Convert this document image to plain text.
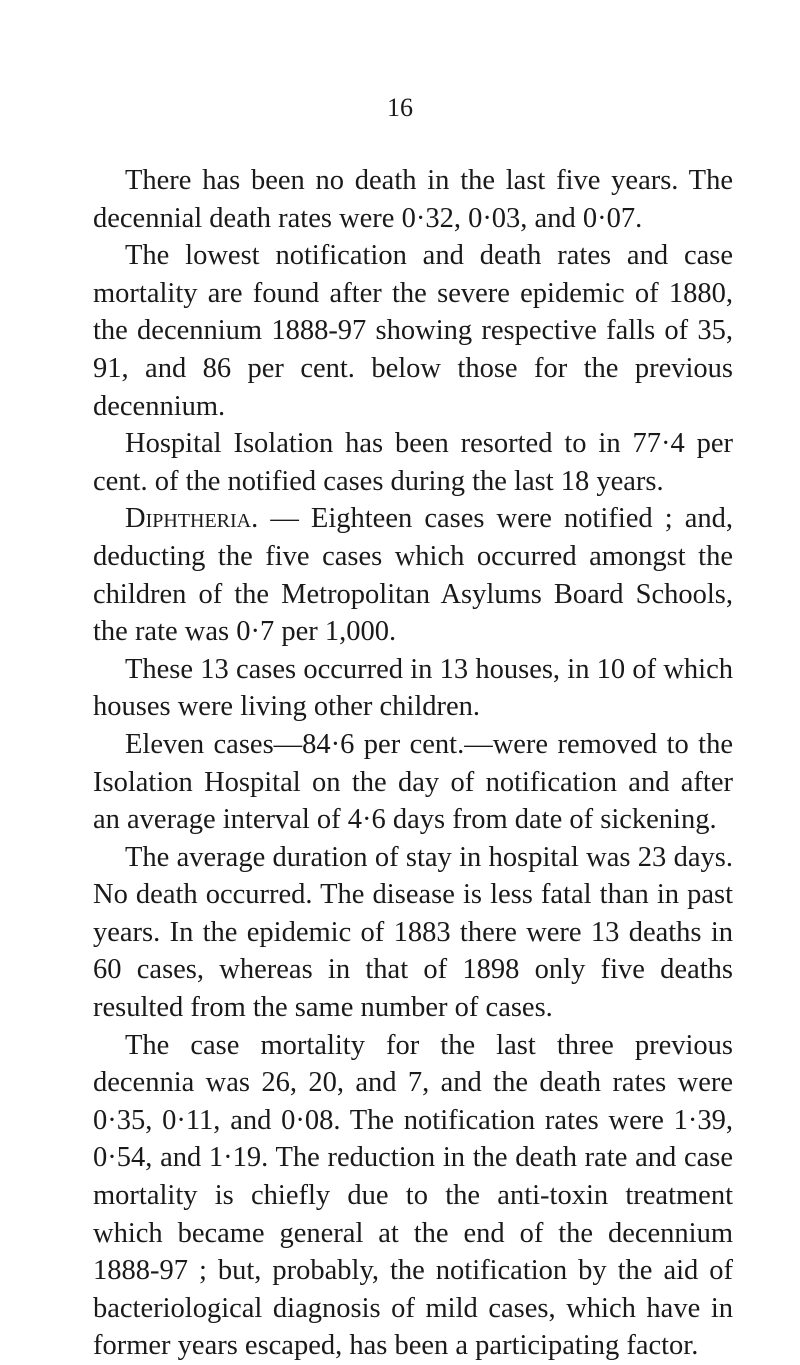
16

There has been no death in the last five years. The decennial death rates were 0·32, 0·03, and 0·07.

The lowest notification and death rates and case mortality are found after the severe epidemic of 1880, the decennium 1888-97 showing respective falls of 35, 91, and 86 per cent. below those for the previous decennium.

Hospital Isolation has been resorted to in 77·4 per cent. of the notified cases during the last 18 years.

Diphtheria. — Eighteen cases were notified ; and, deducting the five cases which occurred amongst the children of the Metropolitan Asylums Board Schools, the rate was 0·7 per 1,000.

These 13 cases occurred in 13 houses, in 10 of which houses were living other children.

Eleven cases—84·6 per cent.—were removed to the Isolation Hospital on the day of notification and after an average interval of 4·6 days from date of sickening.

The average duration of stay in hospital was 23 days. No death occurred. The disease is less fatal than in past years. In the epidemic of 1883 there were 13 deaths in 60 cases, whereas in that of 1898 only five deaths resulted from the same number of cases.

The case mortality for the last three previous decennia was 26, 20, and 7, and the death rates were 0·35, 0·11, and 0·08. The notification rates were 1·39, 0·54, and 1·19. The reduction in the death rate and case mortality is chiefly due to the anti-toxin treatment which became general at the end of the decennium 1888-97 ; but, probably, the notification by the aid of bacteriological diagnosis of mild cases, which have in former years escaped, has been a participating factor.
